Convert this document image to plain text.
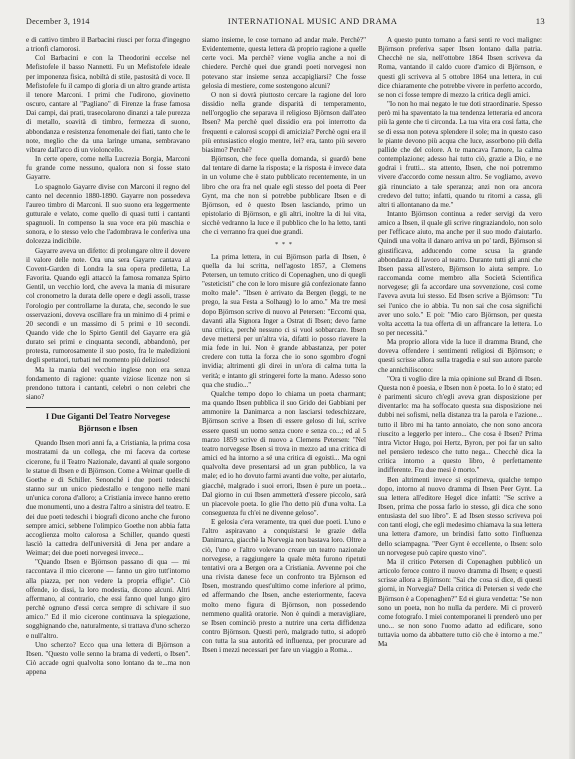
December 3, 1914	INTERNATIONAL MUSIC AND DRAMA	13

e di cattivo timbro il Barbacini riusci per forza d'ingegno a trionfi clamorosi.

Col Barbacini e con la Theodorini eccelse nel Mefistofele il basso Nannetti. Fu un Mefistofele ideale per imponenza fisica, nobiltà di stile, pastosità di voce. Il Mefistofele fu il campo di gloria di un altro grande artista il tenore Marconi. I primi che l'udirono, giovinetto oscuro, cantare al "Pagliano" di Firenze la frase famosa Dai campi, dai prati, trasecolarono dinanzi a tale purezza di metallo, soavità di timbro, fermezza di suono, abbondanza e resistenza fenomenale dei fiati, tanto che le note, meglio che da una laringe umana, sembravano vibrare dall'arco di un violoncello.

In certe opere, come nella Lucrezia Borgia, Marconi fu grande come nessuno, qualora non si fosse stato Gayarre.

Lo spagnolo Gayarre divise con Marconi il regno del canto nel decennio 1880-1890. Gayarre non possedeva l'aureo timbro di Marconi. Il suo suono era leggermente gutturale e velato, come quello di quasi tutti i cantanti spagnuoli. In compenso la sua voce era più maschia e sonora, e lo stesso velo che l'adombrava le conferiva una dolcezza indicibile.

Gayarre aveva un difetto: di prolungare oltre il dovere il valore delle note. Ora una sera Gayarre cantava al Covent-Garden di Londra la sua opera prediletta, La Favorita. Quando egli attaccò la famosa romanza Spirto Gentil, un vecchio lord, che aveva la mania di misurare col cronometro la durata delle opere e degli assoli, trasse l'orologio per controllarne la durata, che, secondo le sue osservazioni, doveva oscillare fra un minimo di 4 primi e 20 secondi e un massimo di 5 primi e 10 secondi. Quando vide che lo Spirto Gentil del Gayarre era già durato sei primi e cinquanta secondi, abbandonò, per protesta, rumorosamente il suo posto, fra le maledizioni degli spettatori, turbati nel momento più delizioso!

Ma la mania del vecchio inglese non era senza fondamento di ragione: quante viziose licenze non si prendono tuttora i cantanti, celebri o non celebri che siano?

I Due Giganti Del Teatro Norvegese
Björnson e Ibsen

Quando Ibsen morì anni fa, a Cristiania, la prima cosa mostratami da un collega, che mi faceva da cortese cicerone, fu il Teatro Nazionale, davanti al quale sorgono le statue di Ibsen e di Björnson. Come a Weimar quelle di Goethe e di Schiller. Senonché i due poeti tedeschi stanno sur un unico piedestallo e tengono nelle mani un'unica corona d'alloro; a Cristiania invece hanno eretto due monumenti, uno a destra l'altro a sinistra del teatro. E dei due poeti tedeschi i biografi dicono anche che furono sempre amici, sebbene l'olimpico Goethe non abbia fatta accoglienza molto calorosa a Schiller, quando questi lasciò la cattedra dell'università di Jena per andare a Weimar; dei due poeti norvegesi invece...

"Quando Ibsen e Björnson passano di qua — mi raccontava il mio cicerone — fanno un giro tutt'intorno alla piazza, per non vedere la propria effigie". Ciò offende, io dissi, la loro modestia, dicono alcuni. Altri affermano, al contrario, che essi fanno quel lungo giro perchè ognuno d'essi cerca sempre di schivare il suo amico." Ed il mio cicerone continuava la spiegazione, sogghignando che, naturalmente, si trattava d'uno scherzo e null'altro.

Uno scherzo? Ecco qua una lettera di Björnson a Ibsen. "Questo volle senno la brama di vederti, o Ibsen". Ciò accade ogni qualvolta sono lontano da te...ma non appena

siamo insieme, le cose tornano ad andar male. Perchè?" Evidentemente, questa lettera dà proprio ragione a quelle certe voci. Ma perchè? viene voglia anche a noi di chiedere. Perchè quei due grandi poeti norvegesi non potevano star insieme senza accapigliarsi? Che fosse gelosia di mestiere, come sostengono alcuni?

O non si dovrà piuttosto cercare la ragione del loro dissidio nella grande disparità di temperamento, nell'orgoglio che separava il religioso Björnson dall'ateo Ibsen? Ma perchè quel dissidio era poi interrotto da frequenti e calorosi scoppi di amicizia? Perchè ogni era il più entusiastico elogio mentre, lei? era, tanto più severo biasimo? Perchè?

Björnson, che fece quella domanda, si guardò bene dal tentare di darne la risposta; e la risposta è invece data in un volume che è stato pubblicato recentemente, in un libro che ora fra nel quale egli stesso del poeta di Peer Gynt, ma che non si potrebbe pubblicare Ibsen e di Björnson, ed è questo Ibsen lasciando, primo un epistolario di Björnson, e gli altri, inoltre la di lui vita, sicchè vedranno la luce e il pubblico che lo ha letto, tanti che ci verranno fra quei due grandi.

* * *

La prima lettera, in cui Björnson parla di Ibsen, è quella da lui scritta, nell'agosto 1857, a Clemens Petersen, un temuto critico di Copenaghen, uno di quegli "esteticisti" che con le loro misure già confezionate fanno molto male". "Ibsen è arrivato da Bergen (leggi, te ne prego, la sua Festa a Solhaug) lo lo amo." Ma tre mesi dopo Björnson scrive di nuovo al Petersen: "Eccomi qua, davanti alla Signora Inger a Ostrat di Ibsen; devo farne una critica, perchè nessuno ci si vuol sobbarcare. Ibsen deve mettersi per un'altra via, difatti io posso riavere la mia fede in lui. Non è grande abbastanza, per poter credere con tutta la forza che io sono sgombro d'ogni invidia; altrimenti gli direi in un'ora di calma tutta la verità; e intanto gli stringerei forte la mano. Adesso sono qua che studio..."

Qualche tempo dopo lo chiama un poeta charmant; ma quando Ibsen pubblica il suo Grido dei Gabbiani per ammonire la Danimarca a non lasciarsi tedeschizzare, Björnson scrive a Ibsen di essere geloso di lui, scrive essere questi un uomo senza cuore e senza co...; ed al 5 marzo 1859 scrive di nuovo a Clemens Petersen: "Nel teatro norvegese Ibsen si trova in mezzo ad una critica di amici ed ha intorno a sé una critica di egoisti... Ma ogni qualvolta deve presentarsi ad un gran pubblico, la va male; ed io ho dovuto farmi avanti due volte, per aiutarlo, giacchè, malgrado i suoi errori, Ibsen è pure un poeta... Dal giorno in cui Ibsen ammetterà d'essere piccolo, sarà un piacevole poeta. Io glie l'ho detto più d'una volta. La conseguenza fu ch'ei ne divenne geloso".

E gelosia c'era veramente, tra quei due poeti. L'uno e l'altro aspiravano a conquistarsi le grazie della Danimarca, giacchè la Norvegia non bastava loro. Oltre a ciò, l'uno e l'altro volevano creare un teatro nazionale norvegese, a raggiungere la quale mèta furono ripetuti tentativi ora a Bergen ora a Cristiania. Avvenne poi che una rivista danese fece un confronto tra Björnson ed Ibsen, mostrando quest'ultimo come inferiore al primo, ed affermando che Ibsen, anche esteriormente, faceva molto meno figura di Björnson, non possedendo nemmeno qualità oratorie. Non è quindi a meravigliare, se Ibsen cominciò presto a nutrire una certa diffidenza contro Björnson. Questi però, malgrado tutto, si adoprò con tutta la sua autorità ed influenza, per procurare ad Ibsen i mezzi necessari per fare un viaggio a Roma...

A questo punto tornano a farsi senti re voci maligne: Björnson preferiva saper Ibsen lontano dalla patria. Checchè ne sia, nell'ottobre 1864 Ibsen scriveva da Roma, vantando il caldo cuore d'amico di Björnson, e questi gli scriveva al 5 ottobre 1864 una lettera, in cui dice chiaramente che potrebbe vivere in perfetto accordo, se non ci fosse tempre di mezzo la critica degli amici.

"Io non ho mai negato le tue doti straordinarie. Spesso però mi ha spaventato la tua tendenza letteraria ed ancora più la gente che ti circonda. La tua vita era così fatta, che se di essa non poteva splendere il sole; ma in questo caso le piante devono più acqua che luce, assorbono più della pallide che del colore. A te mancava l'amore, la calma contemplazione; adesso hai tutto ciò, grazie a Dio, e ne godrai i frutti... sta attento, Ibsen, che noi potremmo vivere d'accordo come nessun altro. Se vogliamo, avevo già rinunciato a tale speranza; anzi non ora ancora credevo del tutto; infatti, quando tu ritorni a cassa, gli altri ti allontanano da me."

Intanto Björnson continua a reder servigi da vero amico a Ibsen, il quale gli scrive ringraziandolo, non solo per l'efficace aiuto, ma anche per il suo modo d'aiutarlo. Quindi una volta il danaro arriva un po' tardi, Björnson si giustificava, adducendo come scusa la grande abbondanza di lavoro al teatro. Durante tutti gli anni che Ibsen passa all'estero, Björnson lo aiuta sempre. Lo raccomanda come membro alla Società Scientifica norvegese; gli fa accordare una sovvenzione, così come l'aveva avuta lui stesso. Ed Ibsen scrive a Björnson: "Tu sei l'unico che io abbia. Tu non sai che cosa significhi aver uno solo." E poi: "Mio caro Björnson, per questa volta accetta la tua offerta di un affrancare la lettera. Lo so per necessità."

Ma proprio allora vide la luce il dramma Brand, che doveva offendere i sentimenti religiosi di Björnson; e questi scrisse allora sulla tragedia e sul suo autore parole che annichiliscono:

"Ora ti voglio dire la mia opinione sul Brand di Ibsen. Questa non è poesia, e Ibsen non è poeta. Io lo è stato; ed è parimenti sicuro ch'egli aveva gran disposizione per diventarlo: ma ha soffocato questa sua disposizione nei dubbi nei sofismi, nella distanza tra la parola e l'azione... tutto il libro mi ha tanto annoiato, che non sono ancora riuscito a leggerlo per intero... Che cosa è Ibsen? Prima intra Victor Hugo, poi Hertz, Byron, per poi far un salto nel pensiero tedesco che tutto nega... Checchè dica la critica intorno a questo libro, è perfettamente indifferente. Fra due mesi è morto."

Ben altrimenti invece si esprimeva, qualche tempo dopo, intorno al nuovo dramma di Ibsen Peer Gynt. La sua lettera all'editore Hegel dice infatti: "Se scrive a Ibsen, prima che possa farlo io stesso, gli dica che sono entusiasta del suo libro". E ad Ibsen stesso scriveva poi con tanti elogi, che egli medesimo chiamava la sua lettera una lettera d'amore, un brindisi fatto sotto l'influenza dello sciampagna. "Peer Gynt è eccellente, o Ibsen: solo un norvegese può capire questo vino".

Ma il critico Petersen di Copenaghen pubblicò un articolo feroce contro il nuovo dramma di Ibsen; e questi scrisse allora a Björnson: "Sai che cosa si dice, di questi giorni, in Norvegia? Della critica di Petersen si vede che Björnson è a Copenaghen?" Ed ei giura vendetta: "Se non sono un poeta, non ho nulla da perdere. Mi ci proverò come fotografo. I miei contemporanei li prenderò uno per uno... se non sono l'uomo adatto ad edificare, sono tuttavia uomo da abbattere tutto ciò che è intorno a me." Ma
